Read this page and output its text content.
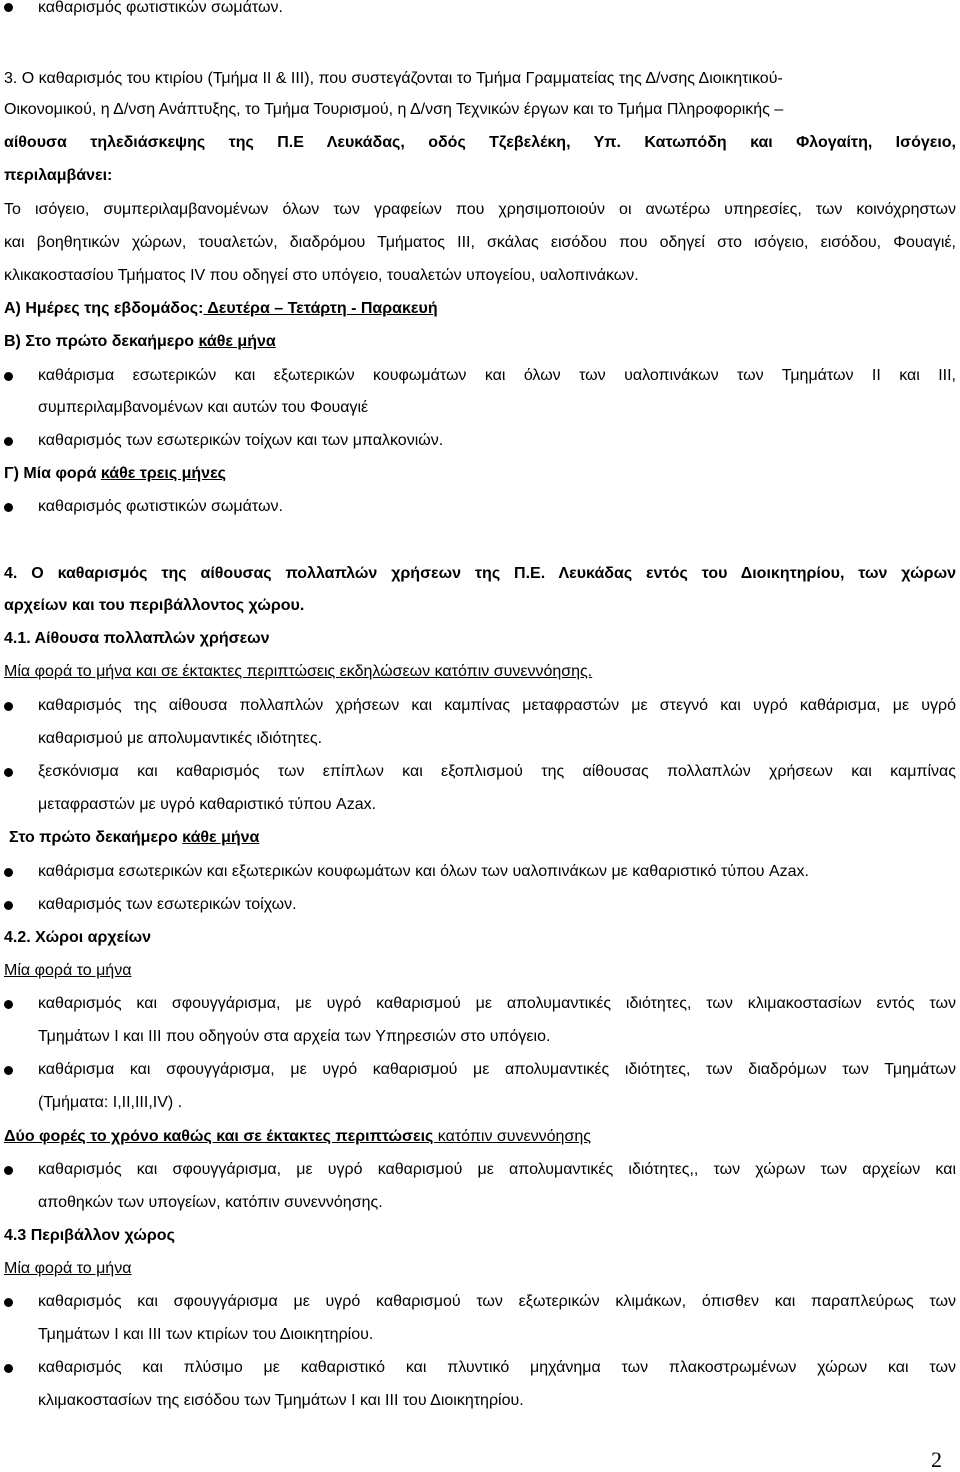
καθαρισμός φωτιστικών σωμάτων.
3. Ο καθαρισμός του κτιρίου (Τμήμα ΙΙ & ΙΙΙ), που συστεγάζονται το Τμήμα Γραμματείας της Δ/νσης Διοικητικού-
Οικονομικού, η Δ/νση Ανάπτυξης, το Τμήμα Τουρισμού, η Δ/νση Τεχνικών έργων και το Τμήμα Πληροφορικής –
αίθουσα τηλεδιάσκεψης της Π.Ε Λευκάδας, οδός Τζεβελέκη, Υπ. Κατωπόδη και Φλογαίτη, Ισόγειο,
περιλαμβάνει:
Το ισόγειο, συμπεριλαμβανομένων όλων των γραφείων που χρησιμοποιούν οι ανωτέρω υπηρεσίες, των κοινόχρηστων
και βοηθητικών χώρων, τουαλετών, διαδρόμου Τμήματος ΙΙΙ, σκάλας εισόδου που οδηγεί στο ισόγειο, εισόδου, Φουαγιέ,
κλικακοστασίου Τμήματος IV που οδηγεί στο υπόγειο, τουαλετών υπογείου, υαλοπινάκων.
Α) Ημέρες της εβδομάδος: Δευτέρα – Τετάρτη - Παρακευή
Β) Στο πρώτο δεκαήμερο κάθε μήνα
καθάρισμα εσωτερικών και εξωτερικών κουφωμάτων και όλων των υαλοπινάκων των Τμημάτων ΙΙ και ΙΙΙ,
συμπεριλαμβανομένων και αυτών του Φουαγιέ
καθαρισμός των εσωτερικών τοίχων και των μπαλκονιών.
Γ) Μία φορά κάθε τρεις μήνες
καθαρισμός φωτιστικών σωμάτων.
4. Ο καθαρισμός της αίθουσας πολλαπλών χρήσεων της Π.Ε. Λευκάδας εντός του Διοικητηρίου, των χώρων
αρχείων και του περιβάλλοντος χώρου.
4.1. Αίθουσα πολλαπλών χρήσεων
Μία φορά το μήνα και σε έκτακτες περιπτώσεις εκδηλώσεων κατόπιν συνεννόησης.
καθαρισμός της αίθουσα πολλαπλών χρήσεων και καμπίνας μεταφραστών με στεγνό και υγρό καθάρισμα, με υγρό
καθαρισμού με απολυμαντικές ιδιότητες.
ξεσκόνισμα και καθαρισμός των επίπλων και εξοπλισμού της αίθουσας πολλαπλών χρήσεων και καμπίνας
μεταφραστών με υγρό καθαριστικό τύπου Azax.
Στο πρώτο δεκαήμερο κάθε μήνα
καθάρισμα εσωτερικών και εξωτερικών κουφωμάτων και όλων των υαλοπινάκων με καθαριστικό τύπου Azax.
καθαρισμός των εσωτερικών τοίχων.
4.2. Χώροι αρχείων
Μία φορά το μήνα
καθαρισμός και σφουγγάρισμα, με υγρό καθαρισμού με απολυμαντικές ιδιότητες, των κλιμακοστασίων εντός των
Τμημάτων Ι και ΙΙΙ που οδηγούν στα αρχεία των Υπηρεσιών στο υπόγειο.
καθάρισμα και σφουγγάρισμα, με υγρό καθαρισμού με απολυμαντικές ιδιότητες, των διαδρόμων των Τμημάτων
(Τμήματα: Ι,ΙΙ,ΙΙΙ,IV) .
Δύο φορές το χρόνο καθώς και σε έκτακτες περιπτώσεις κατόπιν συνεννόησης
καθαρισμός και σφουγγάρισμα, με υγρό καθαρισμού με απολυμαντικές ιδιότητες,, των χώρων των αρχείων και
αποθηκών των υπογείων, κατόπιν συνεννόησης.
4.3 Περιβάλλον χώρος
Μία φορά το μήνα
καθαρισμός και σφουγγάρισμα με υγρό καθαρισμού των εξωτερικών κλιμάκων, όπισθεν και παραπλεύρως των
Τμημάτων Ι και ΙΙΙ των κτιρίων του Διοικητηρίου.
καθαρισμός και πλύσιμο με καθαριστικό και πλυντικό μηχάνημα των πλακοστρωμένων χώρων και των
κλιμακοστασίων της εισόδου των Τμημάτων Ι και ΙΙΙ του Διοικητηρίου.
2
